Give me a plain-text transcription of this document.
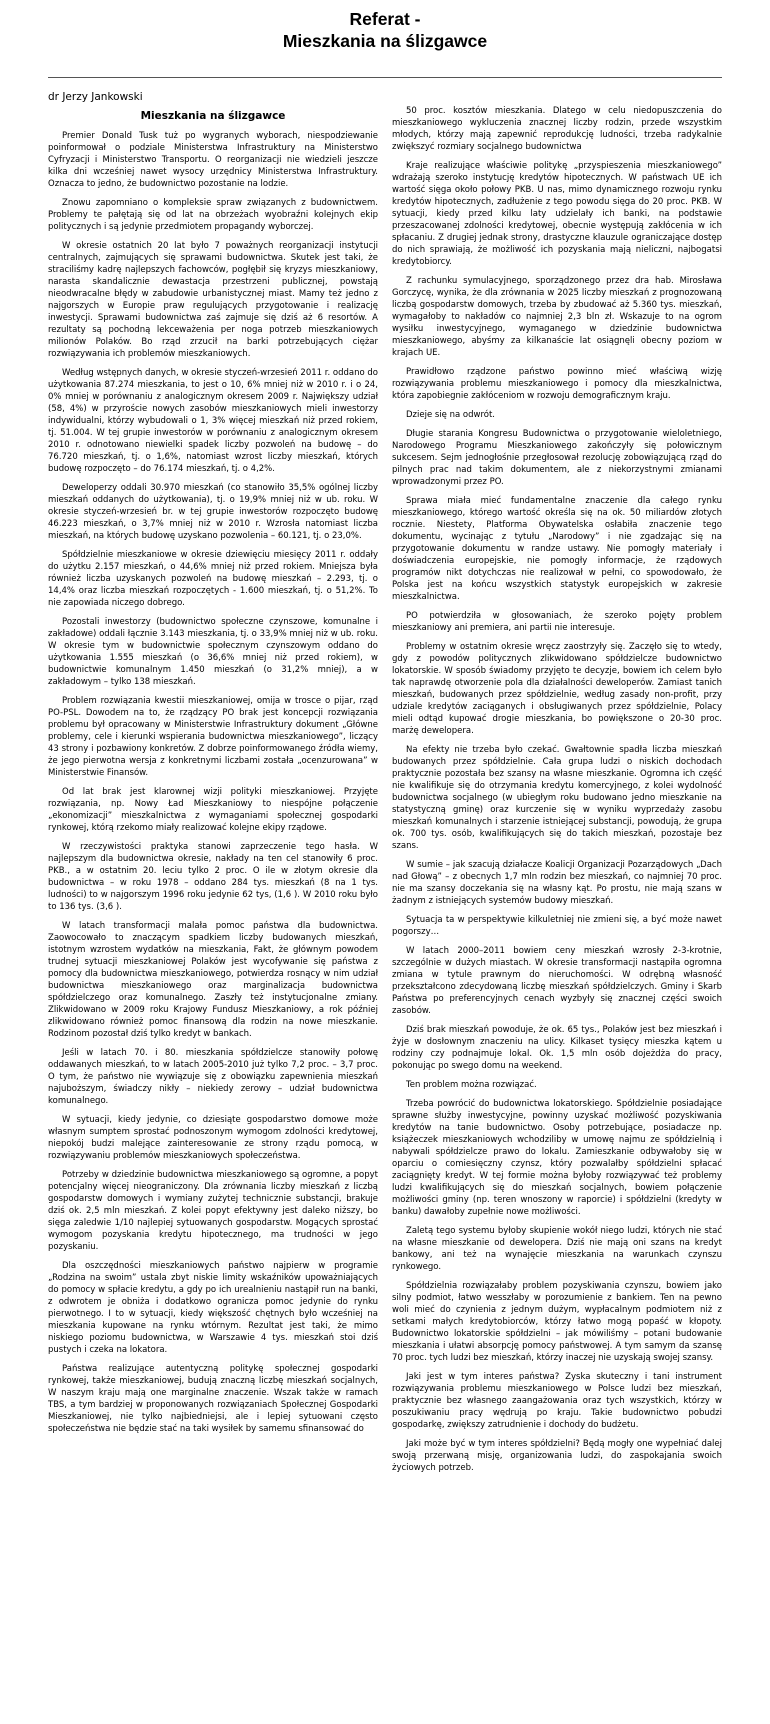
Referat -
Mieszkania na ślizgawce
dr Jerzy Jankowski
Mieszkania na ślizgawce

Premier Donald Tusk tuż po wygranych wyborach, niespodziewanie poinformował o podziale Ministerstwa Infrastruktury na Ministerstwo Cyfryzacji i Ministerstwo Transportu. O reorganizacji nie wiedzieli jeszcze kilka dni wcześniej nawet wysocy urzędnicy Ministerstwa Infrastruktury. Oznacza to jedno, że budownictwo pozostanie na lodzie.

Znowu zapomniano o kompleksie spraw związanych z budownictwem. Problemy te pałętają się od lat na obrzeżach wyobraźni kolejnych ekip politycznych i są jedynie przedmiotem propagandy wyborczej.

W okresie ostatnich 20 lat było 7 poważnych reorganizacji instytucji centralnych, zajmujących się sprawami budownictwa. Skutek jest taki, że straciliśmy kadrę najlepszych fachowców, pogłębił się kryzys mieszkaniowy, narasta skandalicznie dewastacja przestrzeni publicznej, powstają nieodwracalne błędy w zabudowie urbanistycznej miast. Mamy też jedno z najgorszych w Europie praw regulujących przygotowanie i realizację inwestycji. Sprawami budownictwa zaś zajmuje się dziś aż 6 resortów. A rezultaty są pochodną lekceważenia per noga potrzeb mieszkaniowych milionów Polaków. Bo rząd zrzucił na barki potrzebujących ciężar rozwiązywania ich problemów mieszkaniowych.

Według wstępnych danych, w okresie styczeń-wrzesień 2011 r. oddano do użytkowania 87.274 mieszkania, to jest o 10, 6% mniej niż w 2010 r. i o 24, 0% mniej w porównaniu z analogicznym okresem 2009 r. Największy udział (58, 4%) w przyroście nowych zasobów mieszkaniowych mieli inwestorzy indywidualni, którzy wybudowali o 1, 3% więcej mieszkań niż przed rokiem, tj. 51.004. W tej grupie inwestorów w porównaniu z analogicznym okresem 2010 r. odnotowano niewielki spadek liczby pozwoleń na budowę – do 76.720 mieszkań, tj. o 1,6%, natomiast wzrost liczby mieszkań, których budowę rozpoczęto – do 76.174 mieszkań, tj. o 4,2%.

Deweloperzy oddali 30.970 mieszkań (co stanowiło 35,5% ogólnej liczby mieszkań oddanych do użytkowania), tj. o 19,9% mniej niż w ub. roku. W okresie styczeń-wrzesień br. w tej grupie inwestorów rozpoczęto budowę 46.223 mieszkań, o 3,7% mniej niż w 2010 r. Wzrosła natomiast liczba mieszkań, na których budowę uzyskano pozwolenia – 60.121, tj. o 23,0%.

Spółdzielnie mieszkaniowe w okresie dziewięciu miesięcy 2011 r. oddały do użytku 2.157 mieszkań, o 44,6% mniej niż przed rokiem. Mniejsza była również liczba uzyskanych pozwoleń na budowę mieszkań – 2.293, tj. o 14,4% oraz liczba mieszkań rozpoczętych - 1.600 mieszkań, tj. o 51,2%. To nie zapowiada niczego dobrego.

Pozostali inwestorzy (budownictwo społeczne czynszowe, komunalne i zakładowe) oddali łącznie 3.143 mieszkania, tj. o 33,9% mniej niż w ub. roku. W okresie tym w budownictwie społecznym czynszowym oddano do użytkowania 1.555 mieszkań (o 36,6% mniej niż przed rokiem), w budownictwie komunalnym 1.450 mieszkań (o 31,2% mniej), a w zakładowym – tylko 138 mieszkań.

Problem rozwiązania kwestii mieszkaniowej, omija w trosce o pijar, rząd PO-PSL. Dowodem na to, że rządzący PO brak jest koncepcji rozwiązania problemu był opracowany w Ministerstwie Infrastruktury dokument „Główne problemy, cele i kierunki wspierania budownictwa mieszkaniowego”, liczący 43 strony i pozbawiony konkretów. Z dobrze poinformowanego źródła wiemy, że jego pierwotna wersja z konkretnymi liczbami została „ocenzurowana” w Ministerstwie Finansów.

Od lat brak jest klarownej wizji polityki mieszkaniowej. Przyjęte rozwiązania, np. Nowy Ład Mieszkaniowy to niespójne połączenie „ekonomizacji” mieszkalnictwa z wymaganiami społecznej gospodarki rynkowej, którą rzekomo miały realizować kolejne ekipy rządowe.

W rzeczywistości praktyka stanowi zaprzeczenie tego hasła. W najlepszym dla budownictwa okresie, nakłady na ten cel stanowiły 6 proc. PKB., a w ostatnim 20. leciu tylko 2 proc. O ile w złotym okresie dla budownictwa – w roku 1978 – oddano 284 tys. mieszkań (8 na 1 tys. ludności) to w najgorszym 1996 roku jedynie 62 tys, (1,6 ). W 2010 roku było to 136 tys. (3,6 ).

W latach transformacji malała pomoc państwa dla budownictwa. Zaowocowało to znaczącym spadkiem liczby budowanych mieszkań, istotnym wzrostem wydatków na mieszkania, Fakt, że głównym powodem trudnej sytuacji mieszkaniowej Polaków jest wycofywanie się państwa z pomocy dla budownictwa mieszkaniowego, potwierdza rosnący w nim udział budownictwa mieszkaniowego oraz marginalizacja budownictwa spółdzielczego oraz komunalnego. Zaszły też instytucjonalne zmiany. Zlikwidowano w 2009 roku Krajowy Fundusz Mieszkaniowy, a rok później zlikwidowano również pomoc finansową dla rodzin na nowe mieszkanie. Rodzinom pozostał dziś tylko kredyt w bankach.

Jeśli w latach 70. i 80. mieszkania spółdzielcze stanowiły połowę oddawanych mieszkań, to w latach 2005-2010 już tylko 7,2 proc. – 3,7 proc. O tym, że państwo nie wywiązuje się z obowiązku zapewnienia mieszkań najuboższym, świadczy nikły – niekiedy zerowy – udział budownictwa komunalnego.

W sytuacji, kiedy jedynie, co dziesiąte gospodarstwo domowe może własnym sumptem sprostać podnoszonym wymogom zdolności kredytowej, niepokój budzi malejące zainteresowanie ze strony rządu pomocą, w rozwiązywaniu problemów mieszkaniowych społeczeństwa.

Potrzeby w dziedzinie budownictwa mieszkaniowego są ogromne, a popyt potencjalny więcej nieograniczony. Dla zrównania liczby mieszkań z liczbą gospodarstw domowych i wymiany zużytej technicznie substancji, brakuje dziś ok. 2,5 mln mieszkań. Z kolei popyt efektywny jest daleko niższy, bo sięga zaledwie 1/10 najlepiej sytuowanych gospodarstw. Mogących sprostać wymogom pozyskania kredytu hipotecznego, ma trudności w jego pozyskaniu.

Dla oszczędności mieszkaniowych państwo najpierw w programie „Rodzina na swoim” ustala zbyt niskie limity wskaźników upoważniających do pomocy w spłacie kredytu, a gdy po ich urealnieniu nastąpił run na banki, z odwrotem je obniża i dodatkowo ogranicza pomoc jedynie do rynku pierwotnego. I to w sytuacji, kiedy większość chętnych było wcześniej na mieszkania kupowane na rynku wtórnym. Rezultat jest taki, że mimo niskiego poziomu budownictwa, w Warszawie 4 tys. mieszkań stoi dziś pustych i czeka na lokatora.

Państwa realizujące autentyczną politykę społecznej gospodarki rynkowej, także mieszkaniowej, budują znaczną liczbę mieszkań socjalnych, W naszym kraju mają one marginalne znaczenie. Wszak także w ramach TBS, a tym bardziej w proponowanych rozwiązaniach Społecznej Gospodarki Mieszkaniowej, nie tylko najbiedniejsi, ale i lepiej sytuowani często społeczeństwa nie będzie stać na taki wysiłek by samemu sfinansować do

50 proc. kosztów mieszkania. Dlatego w celu niedopuszczenia do mieszkaniowego wykluczenia znacznej liczby rodzin, przede wszystkim młodych, którzy mają zapewnić reprodukcję ludności, trzeba radykalnie zwiększyć rozmiary socjalnego budownictwa

Kraje realizujące właściwie politykę „przyspieszenia mieszkaniowego” wdrażają szeroko instytucję kredytów hipotecznych. W państwach UE ich wartość sięga około połowy PKB. U nas, mimo dynamicznego rozwoju rynku kredytów hipotecznych, zadłużenie z tego powodu sięga do 20 proc. PKB. W sytuacji, kiedy przed kilku laty udzielały ich banki, na podstawie przeszacowanej zdolności kredytowej, obecnie występują zakłócenia w ich spłacaniu. Z drugiej jednak strony, drastyczne klauzule ograniczające dostęp do nich sprawiają, że możliwość ich pozyskania mają nieliczni, najbogatsi kredytobiorcy.

Z rachunku symulacyjnego, sporządzonego przez dra hab. Mirosława Gorczycę, wynika, że dla zrównania w 2025 liczby mieszkań z prognozowaną liczbą gospodarstw domowych, trzeba by zbudować aż 5.360 tys. mieszkań, wymagałoby to nakładów co najmniej 2,3 bln zł. Wskazuje to na ogrom wysiłku inwestycyjnego, wymaganego w dziedzinie budownictwa mieszkaniowego, abyśmy za kilkanaście lat osiągnęli obecny poziom w krajach UE.

Prawidłowo rządzone państwo powinno mieć właściwą wizję rozwiązywania problemu mieszkaniowego i pomocy dla mieszkalnictwa, która zapobiegnie zakłóceniom w rozwoju demograficznym kraju.

Dzieje się na odwrót.

Długie starania Kongresu Budownictwa o przygotowanie wieloletniego, Narodowego Programu Mieszkaniowego zakończyły się połowicznym sukcesem. Sejm jednogłośnie przegłosował rezolucję zobowiązującą rząd do pilnych prac nad takim dokumentem, ale z niekorzystnymi zmianami wprowadzonymi przez PO.

Sprawa miała mieć fundamentalne znaczenie dla całego rynku mieszkaniowego, którego wartość określa się na ok. 50 miliardów złotych rocznie. Niestety, Platforma Obywatelska osłabiła znaczenie tego dokumentu, wycinając z tytułu „Narodowy” i nie zgadzając się na przygotowanie dokumentu w randze ustawy. Nie pomogły materiały i doświadczenia europejskie, nie pomogły informacje, że rządowych programów nikt dotychczas nie realizował w pełni, co spowodowało, że Polska jest na końcu wszystkich statystyk europejskich w zakresie mieszkalnictwa.

PO potwierdziła w głosowaniach, że szeroko pojęty problem mieszkaniowy ani premiera, ani partii nie interesuje.

Problemy w ostatnim okresie wręcz zaostrzyły się. Zaczęło się to wtedy, gdy z powodów politycznych zlikwidowano spółdzielcze budownictwo lokatorskie. W sposób świadomy przyjęto te decyzje, bowiem ich celem było tak naprawdę otworzenie pola dla działalności deweloperów. Zamiast tanich mieszkań, budowanych przez spółdzielnie, według zasady non-profit, przy udziale kredytów zaciąganych i obsługiwanych przez spółdzielnie, Polacy mieli odtąd kupować drogie mieszkania, bo powiększone o 20-30 proc. marżę dewelopera.

Na efekty nie trzeba było czekać. Gwałtownie spadła liczba mieszkań budowanych przez spółdzielnie. Cała grupa ludzi o niskich dochodach praktycznie pozostała bez szansy na własne mieszkanie. Ogromna ich część nie kwalifikuje się do otrzymania kredytu komercyjnego, z kolei wydolność budownictwa socjalnego (w ubiegłym roku budowano jedno mieszkanie na statystyczną gminę) oraz kurczenie się w wyniku wyprzedaży zasobu mieszkań komunalnych i starzenie istniejącej substancji, powodują, że grupa ok. 700 tys. osób, kwalifikujących się do takich mieszkań, pozostaje bez szans.

W sumie – jak szacują działacze Koalicji Organizacji Pozarządowych „Dach nad Głową” – z obecnych 1,7 mln rodzin bez mieszkań, co najmniej 70 proc. nie ma szansy doczekania się na własny kąt. Po prostu, nie mają szans w żadnym z istniejących systemów budowy mieszkań.

Sytuacja ta w perspektywie kilkuletniej nie zmieni się, a być może nawet pogorszy…

W latach 2000–2011 bowiem ceny mieszkań wzrosły 2-3-krotnie, szczególnie w dużych miastach. W okresie transformacji nastąpiła ogromna zmiana w tytule prawnym do nieruchomości. W odrębną własność przekształcono zdecydowaną liczbę mieszkań spółdzielczych. Gminy i Skarb Państwa po preferencyjnych cenach wyzbyły się znacznej części swoich zasobów.

Dziś brak mieszkań powoduje, że ok. 65 tys., Polaków jest bez mieszkań i żyje w dosłownym znaczeniu na ulicy. Kilkaset tysięcy mieszka kątem u rodziny czy podnajmuje lokal. Ok. 1,5 mln osób dojeżdża do pracy, pokonując po swego domu na weekend.

Ten problem można rozwiązać.

Trzeba powrócić do budownictwa lokatorskiego. Spółdzielnie posiadające sprawne służby inwestycyjne, powinny uzyskać możliwość pozyskiwania kredytów na tanie budownictwo. Osoby potrzebujące, posiadacze np. książeczek mieszkaniowych wchodziliby w umowę najmu ze spółdzielnią i nabywali spółdzielcze prawo do lokalu. Zamieszkanie odbywałoby się w oparciu o comiesięczny czynsz, który pozwalałby spółdzielni spłacać zaciągnięty kredyt. W tej formie można byłoby rozwiązywać też problemy ludzi kwalifikujących się do mieszkań socjalnych, bowiem połączenie możliwości gminy (np. teren wnoszony w raporcie) i spółdzielni (kredyty w banku) dawałoby zupełnie nowe możliwości.

Zaletą tego systemu byłoby skupienie wokół niego ludzi, których nie stać na własne mieszkanie od dewelopera. Dziś nie mają oni szans na kredyt bankowy, ani też na wynajęcie mieszkania na warunkach czynszu rynkowego.

Spółdzielnia rozwiązałaby problem pozyskiwania czynszu, bowiem jako silny podmiot, łatwo wesszłaby w porozumienie z bankiem. Ten na pewno woli mieć do czynienia z jednym dużym, wypłacalnym podmiotem niż z setkami małych kredytobiorców, którzy łatwo mogą popaść w kłopoty. Budownictwo lokatorskie spółdzielni – jak mówiliśmy – potani budowanie mieszkania i ułatwi absorpcję pomocy państwowej. A tym samym da szansę 70 proc. tych ludzi bez mieszkań, którzy inaczej nie uzyskają swojej szansy.

Jaki jest w tym interes państwa? Zyska skuteczny i tani instrument rozwiązywania problemu mieszkaniowego w Polsce ludzi bez mieszkań, praktycznie bez własnego zaangażowania oraz tych wszystkich, którzy w poszukiwaniu pracy wędrują po kraju. Takie budownictwo pobudzi gospodarkę, zwiększy zatrudnienie i dochody do budżetu.

Jaki może być w tym interes spółdzielni? Będą mogły one wypełniać dalej swoją przerwaną misję, organizowania ludzi, do zaspokajania swoich życiowych potrzeb.
